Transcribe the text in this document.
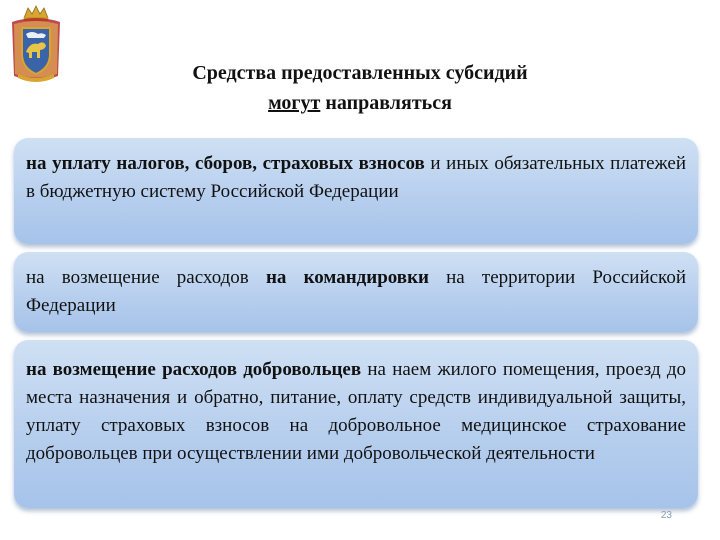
Средства предоставленных субсидий
могут направляться
на уплату налогов, сборов, страховых взносов и иных обязательных платежей в бюджетную систему Российской Федерации
на возмещение расходов на командировки на территории Российской Федерации
на возмещение расходов добровольцев на наем жилого помещения, проезд до места назначения и обратно, питание, оплату средств индивидуальной защиты, уплату страховых взносов на добровольное медицинское страхование добровольцев при осуществлении ими добровольческой деятельности
23
